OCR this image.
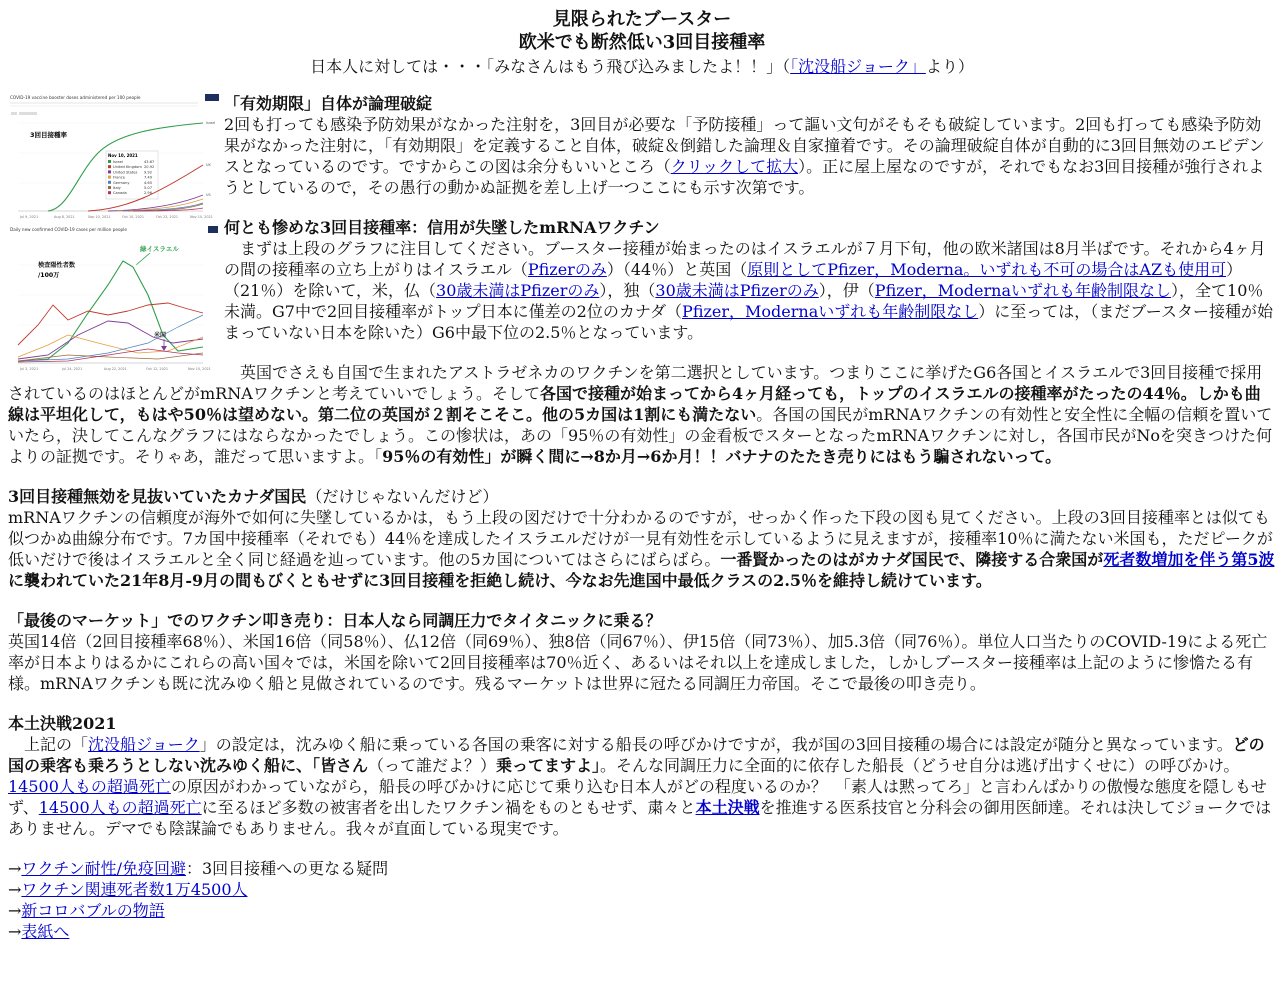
見限られたブースター
欧米でも断然低い3回目接種率
日本人に対しては・・・「みなさんはもう飛び込みましたよ！！」（「沈没船ジョーク」より）
COVID-19 vaccine booster doses administered per 100 people
3回目接種率
Nov 10, 2021
Israel	43.67
United Kingdom 20.92
United States 9.92
France	7.49
Germany	4.65
Italy	5.07
Canada	2.96
Jul 9, 2021	Aug 8, 2021	Sep 10, 2021	Oct 10, 2021	Oct 23, 2021	Nov 10, 2021
Israel
UK
US
Daily new confirmed COVID-19 cases per million people
検査陽性者数
/100万
緑イスラエル
米国
Jul 3, 2021	Jul 24, 2021	Aug 22, 2021	Oct 12, 2021	Nov 10, 2021

「有効期限」自体が論理破綻

2回も打っても感染予防効果がなかった注射を，3回目が必要な「予防接種」って謳い文句がそもそも破綻しています。2回も打っても感染予防効果がなかった注射に，「有効期限」を定義すること自体，破綻＆倒錯した論理＆自家撞着です。その論理破綻自体が自動的に3回目無効のエビデンスとなっているのです。ですからこの図は余分もいいところ（クリックして拡大）。正に屋上屋なのですが，それでもなお3回目接種が強行されようとしているので，その愚行の動かぬ証拠を差し上げ一つここにも示す次第です。

何とも惨めな3回目接種率：信用が失墜したmRNAワクチン

　まずは上段のグラフに注目してください。ブースター接種が始まったのはイスラエルが７月下旬，他の欧米諸国は8月半ばです。それから4ヶ月の間の接種率の立ち上がりはイスラエル（Pfizerのみ）（44％）と英国（原則としてPfizer，Moderna。いずれも不可の場合はAZも使用可）（21％）を除いて，米，仏（30歳未満はPfizerのみ），独（30歳未満はPfizerのみ），伊（Pfizer，Modernaいずれも年齢制限なし），全て10％未満。G7中で2回目接種率がトップ日本に僅差の2位のカナダ（Pfizer，Modernaいずれも年齢制限なし）に至っては，（まだブースター接種が始まっていない日本を除いた）G6中最下位の2.5％となっています。

　英国でさえも自国で生まれたアストラゼネカのワクチンを第二選択としています。つまりここに挙げたG6各国とイスラエルで3回目接種で採用されているのはほとんどがmRNAワクチンと考えていいでしょう。そして各国で接種が始まってから4ヶ月経っても，トップのイスラエルの接種率がたったの44％。しかも曲線は平坦化して，もはや50％は望めない。第二位の英国が２割そこそこ。他の5カ国は1割にも満たない。各国の国民がmRNAワクチンの有効性と安全性に全幅の信頼を置いていたら，決してこんなグラフにはならなかったでしょう。この惨状は，あの「95％の有効性」の金看板でスターとなったmRNAワクチンに対し，各国市民がNoを突きつけた何よりの証拠です。そりゃあ，誰だって思いますよ。「95％の有効性」が瞬く間に→8か月→6か月！！バナナのたたき売りにはもう騙されないって。

3回目接種無効を見抜いていたカナダ国民（だけじゃないんだけど）

mRNAワクチンの信頼度が海外で如何に失墜しているかは，もう上段の図だけで十分わかるのですが，せっかく作った下段の図も見てください。上段の3回目接種率とは似ても似つかぬ曲線分布です。7カ国中接種率（それでも）44％を達成したイスラエルだけが一見有効性を示しているように見えますが，接種率10％に満たない米国も，ただピークが低いだけで後はイスラエルと全く同じ経過を辿っています。他の5カ国についてはさらにばらばら。一番賢かったのはがカナダ国民で、隣接する合衆国が死者数増加を伴う第5波に襲われていた21年8月-9月の間もびくともせずに3回目接種を拒絶し続け、今なお先進国中最低クラスの2.5％を維持し続けています。

「最後のマーケット」でのワクチン叩き売り：日本人なら同調圧力でタイタニックに乗る？

英国14倍（2回目接種率68％）、米国16倍（同58％）、仏12倍（同69％）、独8倍（同67％）、伊15倍（同73％）、加5.3倍（同76％）。単位人口当たりのCOVID-19による死亡率が日本よりはるかにこれらの高い国々では，米国を除いて2回目接種率は70％近く、あるいはそれ以上を達成しました，しかしブースター接種率は上記のように惨憺たる有様。mRNAワクチンも既に沈みゆく船と見做されているのです。残るマーケットは世界に冠たる同調圧力帝国。そこで最後の叩き売り。

本土決戦2021

　上記の「沈没船ジョーク」の設定は，沈みゆく船に乗っている各国の乗客に対する船長の呼びかけですが，我が国の3回目接種の場合には設定が随分と異なっています。どの国の乗客も乗ろうとしない沈みゆく船に、「皆さん（って誰だよ？）乗ってますよ」。そんな同調圧力に全面的に依存した船長（どうせ自分は逃げ出すくせに）の呼びかけ。14500人もの超過死亡の原因がわかっていながら，船長の呼びかけに応じて乗り込む日本人がどの程度いるのか？　「素人は黙ってろ」と言わんばかりの傲慢な態度を隠しもせず、14500人もの超過死亡に至るほど多数の被害者を出したワクチン禍をものともせず、粛々と本土決戦を推進する医系技官と分科会の御用医師達。それは決してジョークではありません。デマでも陰謀論でもありません。我々が直面している現実です。

→ワクチン耐性/免疫回避：3回目接種への更なる疑問
→ワクチン関連死者数1万4500人
→新コロバブルの物語
→表紙へ
